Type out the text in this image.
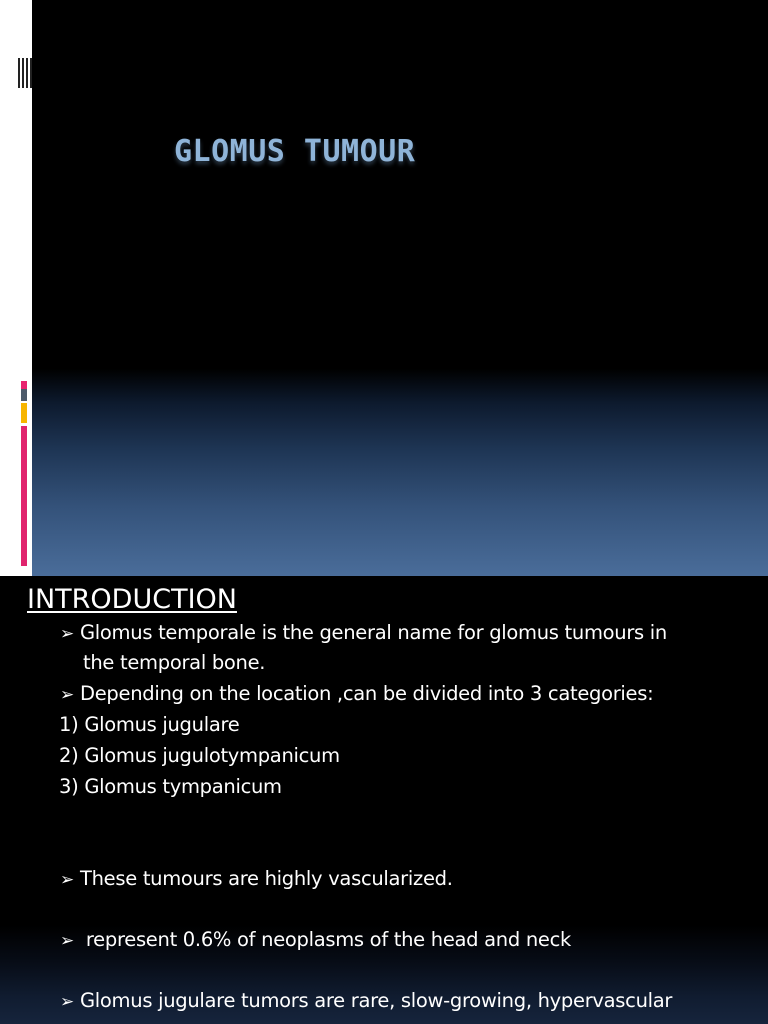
GLOMUS TUMOUR
INTRODUCTION
➢ Glomus temporale is the general name for glomus tumours in
the temporal bone.
➢ Depending on the location ,can be divided into 3 categories:
1) Glomus jugulare
2) Glomus jugulotympanicum
3) Glomus tympanicum
➢ These tumours are highly vascularized.
➢ represent 0.6% of neoplasms of the head and neck
➢ Glomus jugulare tumors are rare, slow-growing, hypervascular
